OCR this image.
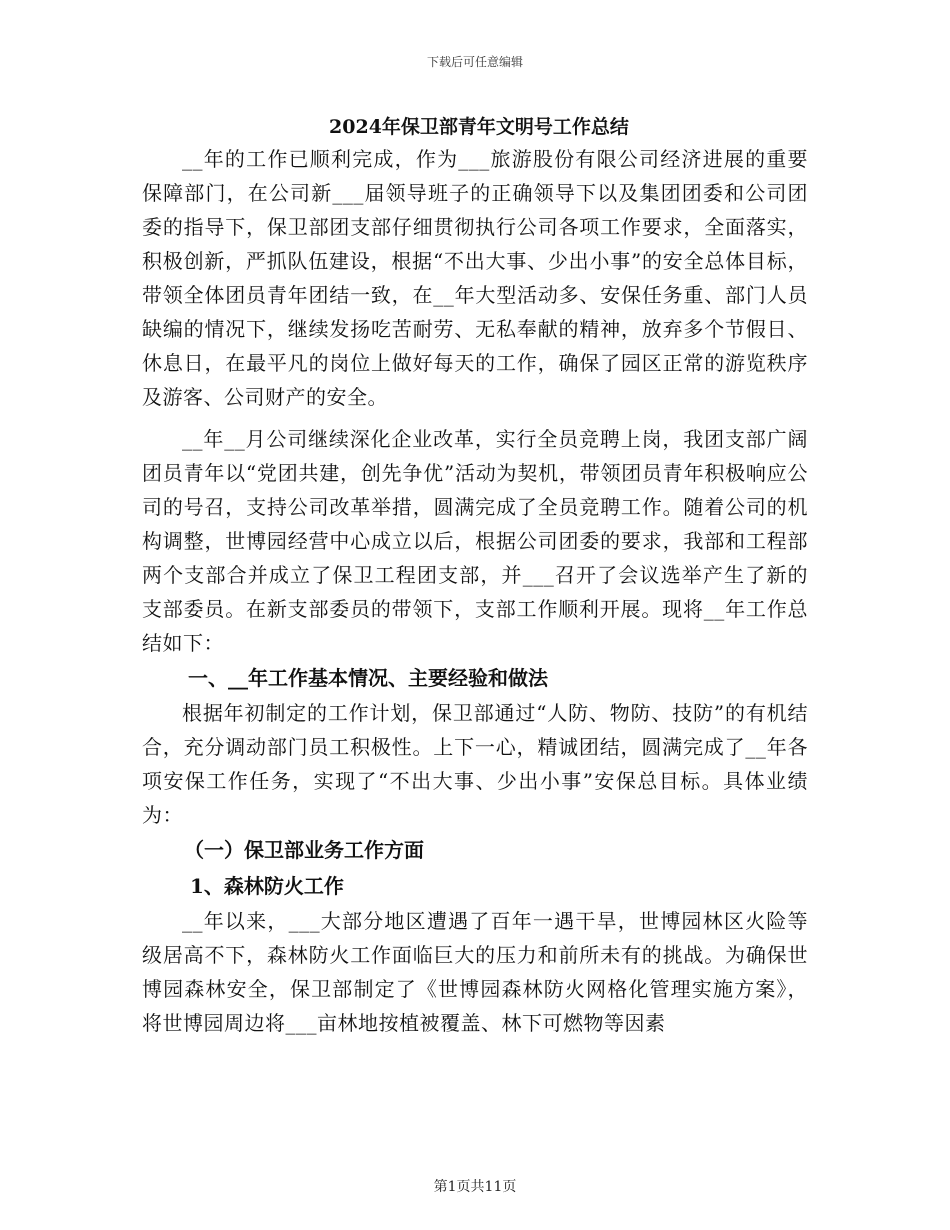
下载后可任意编辑
2024年保卫部青年文明号工作总结

__年的工作已顺利完成，作为___旅游股份有限公司经济进展的重要保障部门，在公司新___届领导班子的正确领导下以及集团团委和公司团委的指导下，保卫部团支部仔细贯彻执行公司各项工作要求，全面落实，积极创新，严抓队伍建设，根据“不出大事、少出小事”的安全总体目标，带领全体团员青年团结一致，在__年大型活动多、安保任务重、部门人员缺编的情况下，继续发扬吃苦耐劳、无私奉献的精神，放弃多个节假日、休息日，在最平凡的岗位上做好每天的工作，确保了园区正常的游览秩序及游客、公司财产的安全。

__年__月公司继续深化企业改革，实行全员竞聘上岗，我团支部广阔团员青年以“党团共建，创先争优”活动为契机，带领团员青年积极响应公司的号召，支持公司改革举措，圆满完成了全员竞聘工作。随着公司的机构调整，世博园经营中心成立以后，根据公司团委的要求，我部和工程部两个支部合并成立了保卫工程团支部，并___召开了会议选举产生了新的支部委员。在新支部委员的带领下，支部工作顺利开展。现将__年工作总结如下：

一、__年工作基本情况、主要经验和做法

根据年初制定的工作计划，保卫部通过“人防、物防、技防”的有机结合，充分调动部门员工积极性。上下一心，精诚团结，圆满完成了__年各项安保工作任务，实现了“不出大事、少出小事”安保总目标。具体业绩为：

（一）保卫部业务工作方面
1、森林防火工作

__年以来，___大部分地区遭遇了百年一遇干旱，世博园林区火险等级居高不下，森林防火工作面临巨大的压力和前所未有的挑战。为确保世博园森林安全，保卫部制定了《世博园森林防火网格化管理实施方案》，将世博园周边将___亩林地按植被覆盖、林下可燃物等因素

第1页共11页
